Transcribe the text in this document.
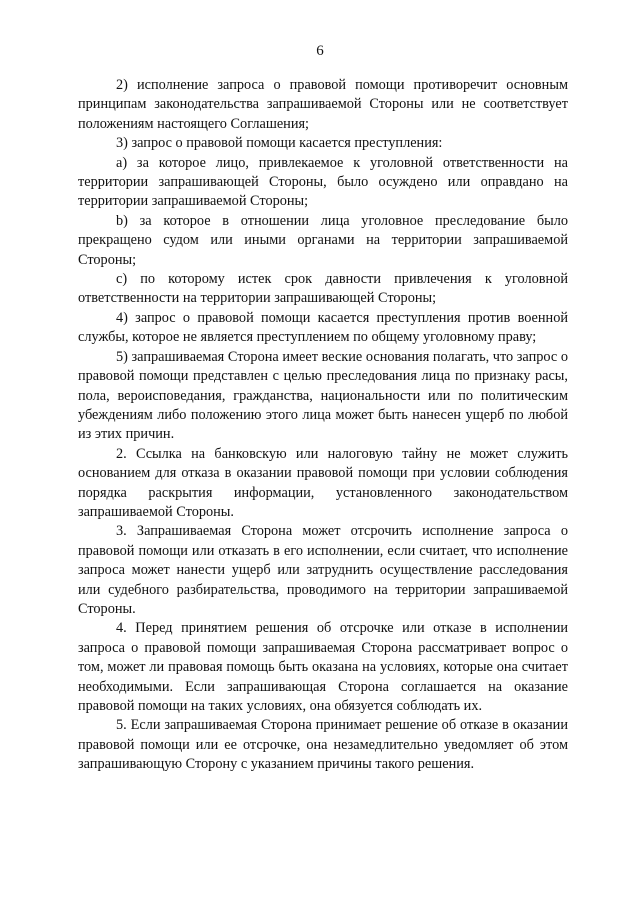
6

2) исполнение запроса о правовой помощи противоречит основным принципам законодательства запрашиваемой Стороны или не соответствует положениям настоящего Соглашения;

3) запрос о правовой помощи касается преступления:

а) за которое лицо, привлекаемое к уголовной ответственности на территории запрашивающей Стороны, было осуждено или оправдано на территории запрашиваемой Стороны;

b) за которое в отношении лица уголовное преследование было прекращено судом или иными органами на территории запрашиваемой Стороны;

с) по которому истек срок давности привлечения к уголовной ответственности на территории запрашивающей Стороны;

4) запрос о правовой помощи касается преступления против военной службы, которое не является преступлением по общему уголовному праву;

5) запрашиваемая Сторона имеет веские основания полагать, что запрос о правовой помощи представлен с целью преследования лица по признаку расы, пола, вероисповедания, гражданства, национальности или по политическим убеждениям либо положению этого лица может быть нанесен ущерб по любой из этих причин.

2. Ссылка на банковскую или налоговую тайну не может служить основанием для отказа в оказании правовой помощи при условии соблюдения порядка раскрытия информации, установленного законодательством запрашиваемой Стороны.

3. Запрашиваемая Сторона может отсрочить исполнение запроса о правовой помощи или отказать в его исполнении, если считает, что исполнение запроса может нанести ущерб или затруднить осуществление расследования или судебного разбирательства, проводимого на территории запрашиваемой Стороны.

4. Перед принятием решения об отсрочке или отказе в исполнении запроса о правовой помощи запрашиваемая Сторона рассматривает вопрос о том, может ли правовая помощь быть оказана на условиях, которые она считает необходимыми. Если запрашивающая Сторона соглашается на оказание правовой помощи на таких условиях, она обязуется соблюдать их.

5. Если запрашиваемая Сторона принимает решение об отказе в оказании правовой помощи или ее отсрочке, она незамедлительно уведомляет об этом запрашивающую Сторону с указанием причины такого решения.
